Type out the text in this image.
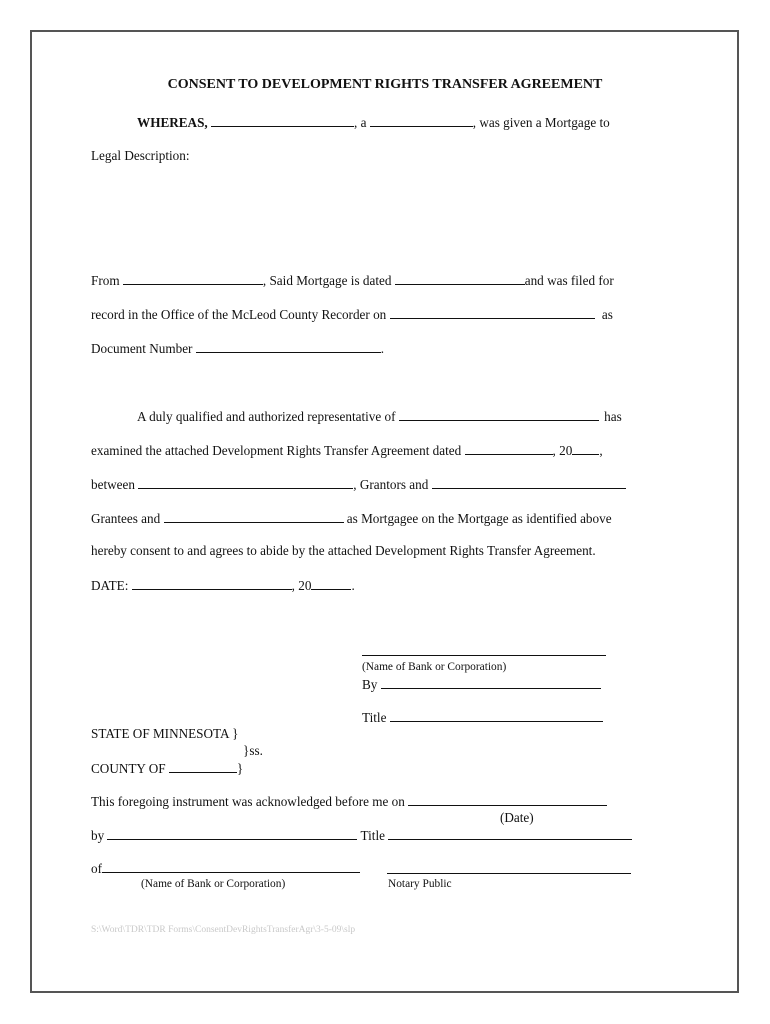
CONSENT TO DEVELOPMENT RIGHTS TRANSFER AGREEMENT
WHEREAS,	, a	, was given a Mortgage to
Legal Description:
From	, Said Mortgage is dated	and was filed for
record in the Office of the McLeod County Recorder on	as
Document Number	.
A duly qualified and authorized representative of	has
examined the attached Development Rights Transfer Agreement dated	, 20 ,
between	, Grantors and
Grantees and	as Mortgagee on the Mortgage as identified above
hereby consent to and agrees to abide by the attached Development Rights Transfer Agreement.
DATE:	, 20	.
(Name of Bank or Corporation)
By
Title
STATE OF MINNESOTA }
}ss.
COUNTY OF	}
This foregoing instrument was acknowledged before me on
(Date)
by	Title
of
(Name of Bank or Corporation)	Notary Public
S:\Word\TDR\TDR Forms\ConsentDevRightsTransferAgr\3-5-09\slp
